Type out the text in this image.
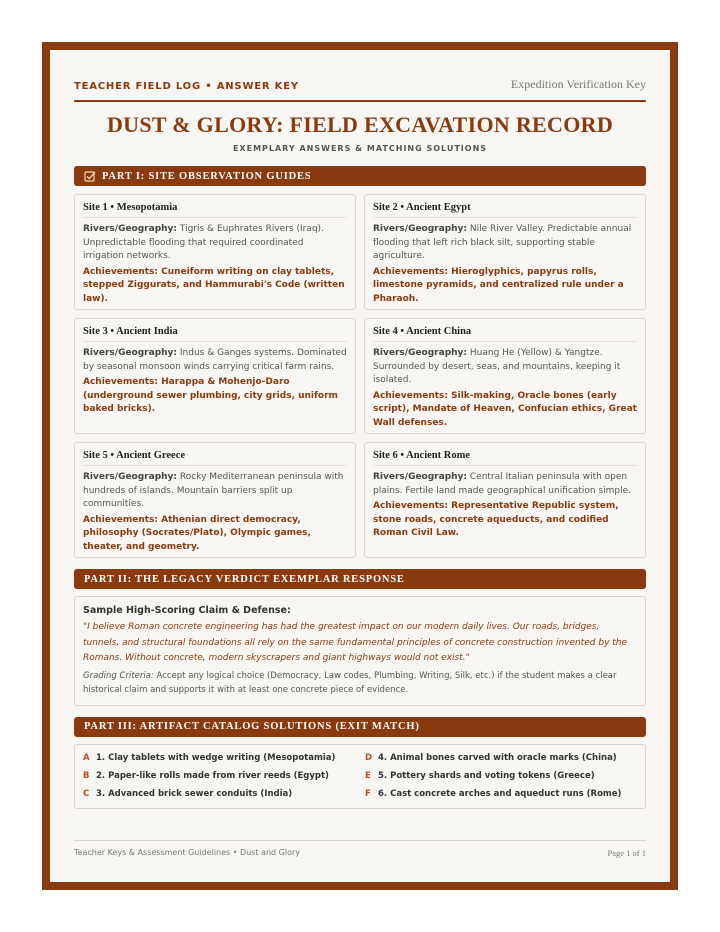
TEACHER FIELD LOG • ANSWER KEY	Expedition Verification Key
DUST & GLORY: FIELD EXCAVATION RECORD
EXEMPLARY ANSWERS & MATCHING SOLUTIONS
PART I: SITE OBSERVATION GUIDES
Site 1 • Mesopotamia

Rivers/Geography: Tigris & Euphrates Rivers (Iraq). Unpredictable flooding that required coordinated irrigation networks.

Achievements: Cuneiform writing on clay tablets, stepped Ziggurats, and Hammurabi's Code (written law).

Site 2 • Ancient Egypt

Rivers/Geography: Nile River Valley. Predictable annual flooding that left rich black silt, supporting stable agriculture.

Achievements: Hieroglyphics, papyrus rolls, limestone pyramids, and centralized rule under a Pharaoh.

Site 3 • Ancient India

Rivers/Geography: Indus & Ganges systems. Dominated by seasonal monsoon winds carrying critical farm rains.

Achievements: Harappa & Mohenjo-Daro (underground sewer plumbing, city grids, uniform baked bricks).

Site 4 • Ancient China

Rivers/Geography: Huang He (Yellow) & Yangtze. Surrounded by desert, seas, and mountains, keeping it isolated.

Achievements: Silk-making, Oracle bones (early script), Mandate of Heaven, Confucian ethics, Great Wall defenses.

Site 5 • Ancient Greece

Rivers/Geography: Rocky Mediterranean peninsula with hundreds of islands. Mountain barriers split up communities.

Achievements: Athenian direct democracy, philosophy (Socrates/Plato), Olympic games, theater, and geometry.

Site 6 • Ancient Rome

Rivers/Geography: Central Italian peninsula with open plains. Fertile land made geographical unification simple.

Achievements: Representative Republic system, stone roads, concrete aqueducts, and codified Roman Civil Law.

PART II: THE LEGACY VERDICT EXEMPLAR RESPONSE
Sample High-Scoring Claim & Defense:
"I believe Roman concrete engineering has had the greatest impact on our modern daily lives. Our roads, bridges, tunnels, and structural foundations all rely on the same fundamental principles of concrete construction invented by the Romans. Without concrete, modern skyscrapers and giant highways would not exist."
Grading Criteria: Accept any logical choice (Democracy, Law codes, Plumbing, Writing, Silk, etc.) if the student makes a clear historical claim and supports it with at least one concrete piece of evidence.
PART III: ARTIFACT CATALOG SOLUTIONS (EXIT MATCH)
A 1. Clay tablets with wedge writing (Mesopotamia)	D 4. Animal bones carved with oracle marks (China)
B 2. Paper-like rolls made from river reeds (Egypt)	E 5. Pottery shards and voting tokens (Greece)
C 3. Advanced brick sewer conduits (India)	F 6. Cast concrete arches and aqueduct runs (Rome)
Teacher Keys & Assessment Guidelines • Dust and Glory	Page 1 of 1
